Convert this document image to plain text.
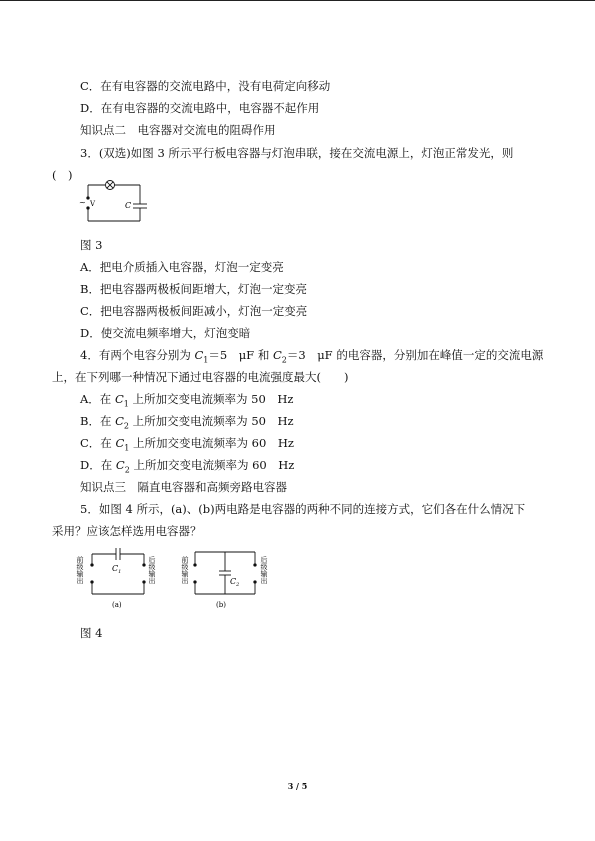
C．在有电容器的交流电路中，没有电荷定向移动
D．在有电容器的交流电路中，电容器不起作用
知识点二　电容器对交流电的阻碍作用
3．(双选)如图 3 所示平行板电容器与灯泡串联，接在交流电源上，灯泡正常发光，则
(　)
~ V	C
图 3
A．把电介质插入电容器，灯泡一定变亮
B．把电容器两极板间距增大，灯泡一定变亮
C．把电容器两极板间距减小，灯泡一定变亮
D．使交流电频率增大，灯泡变暗
4．有两个电容分别为 $C_1=5$　μF 和 $C_2=3$　μF 的电容器，分别加在峰值一定的交流电源
上，在下列哪一种情况下通过电容器的电流强度最大(　　)
A．在 $C_1$ 上所加交变电流频率为 50　Hz
B．在 $C_2$ 上所加交变电流频率为 50　Hz
C．在 $C_1$ 上所加交变电流频率为 60　Hz
D．在 $C_2$ 上所加交变电流频率为 60　Hz
知识点三　隔直电容器和高频旁路电容器
5．如图 4 所示，(a)、(b)两电路是电容器的两种不同的连接方式，它们各在什么情况下
采用？应该怎样选用电容器？
前级输出	后级输出
$C_1$
(a)
前级输出	后级输出
$C_2$
(b)
图 4
3 / 5
